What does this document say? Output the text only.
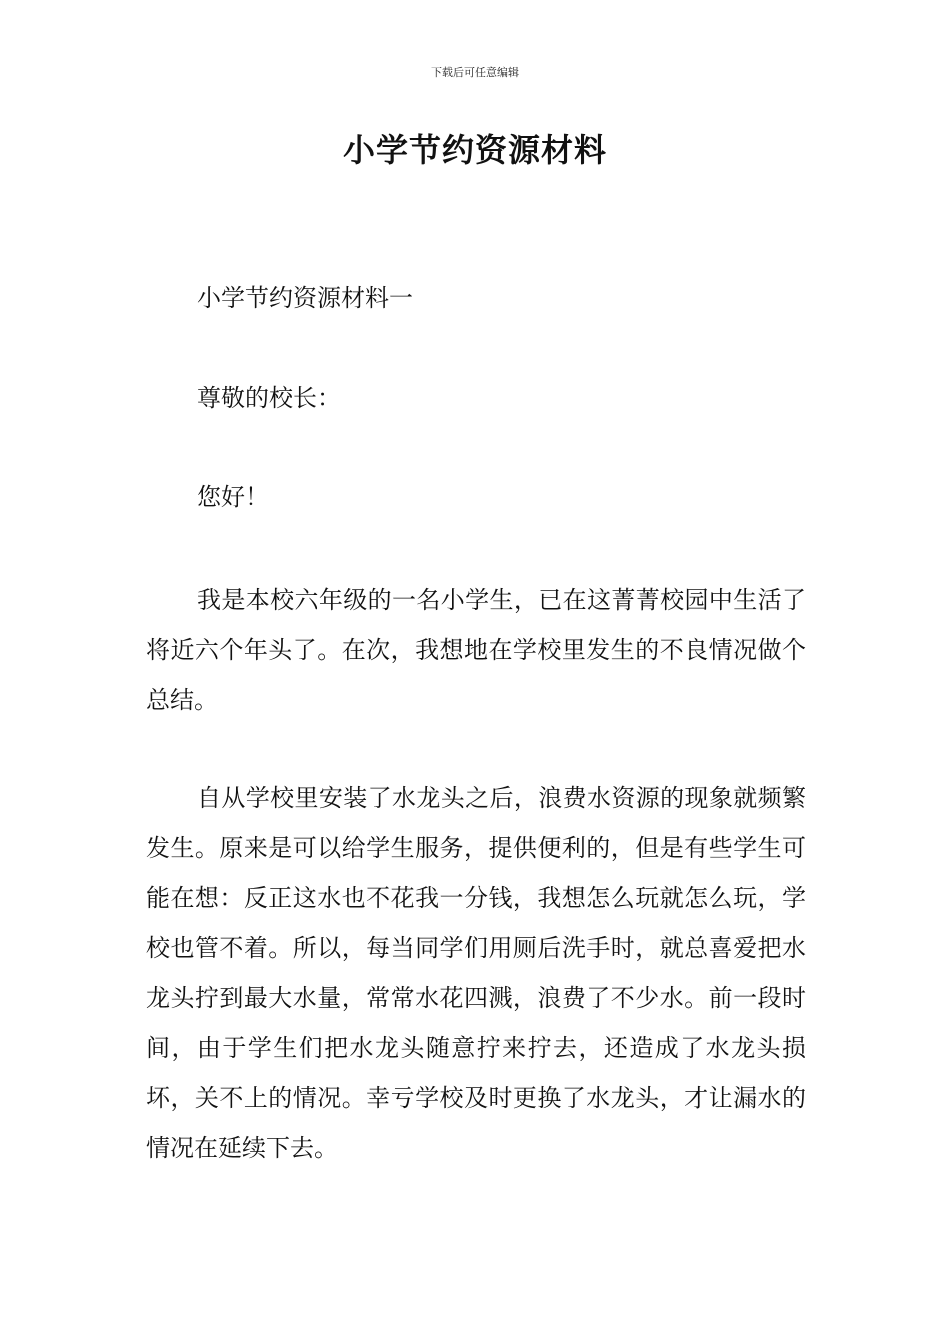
下载后可任意编辑
小学节约资源材料

小学节约资源材料一

尊敬的校长：

您好！

我是本校六年级的一名小学生，已在这菁菁校园中生活了将近六个年头了。在次，我想地在学校里发生的不良情况做个总结。

自从学校里安装了水龙头之后，浪费水资源的现象就频繁发生。原来是可以给学生服务，提供便利的，但是有些学生可能在想：反正这水也不花我一分钱，我想怎么玩就怎么玩，学校也管不着。所以，每当同学们用厕后洗手时，就总喜爱把水龙头拧到最大水量，常常水花四溅，浪费了不少水。前一段时间，由于学生们把水龙头随意拧来拧去，还造成了水龙头损坏，关不上的情况。幸亏学校及时更换了水龙头，才让漏水的情况在延续下去。
